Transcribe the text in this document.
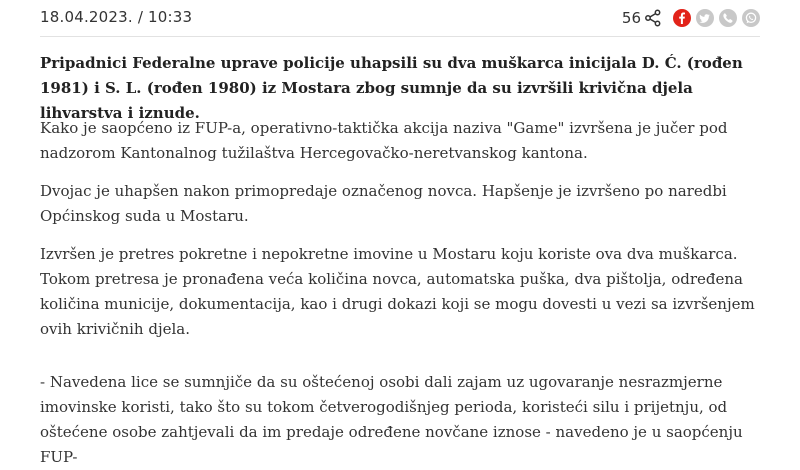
18.04.2023. / 10:33	56

Pripadnici Federalne uprave policije uhapsili su dva muškarca inicijala D. Ć. (rođen 1981) i S. L. (rođen 1980) iz Mostara zbog sumnje da su izvršili krivična djela lihvarstva i iznude.

Kako je saopćeno iz FUP-a, operativno-taktička akcija naziva "Game" izvršena je jučer pod nadzorom Kantonalnog tužilaštva Hercegovačko-neretvanskog kantona.

Dvojac je uhapšen nakon primopredaje označenog novca. Hapšenje je izvršeno po naredbi Općinskog suda u Mostaru.

Izvršen je pretres pokretne i nepokretne imovine u Mostaru koju koriste ova dva muškarca. Tokom pretresa je pronađena veća količina novca, automatska puška, dva pištolja, određena količina municije, dokumentacija, kao i drugi dokazi koji se mogu dovesti u vezi sa izvršenjem ovih krivičnih djela.

- Navedena lice se sumnjiče da su oštećenoj osobi dali zajam uz ugovaranje nesrazmjerne imovinske koristi, tako što su tokom četverogodišnjeg perioda, koristeći silu i prijetnju, od oštećene osobe zahtjevali da im predaje određene novčane iznose - navedeno je u saopćenju FUP-
